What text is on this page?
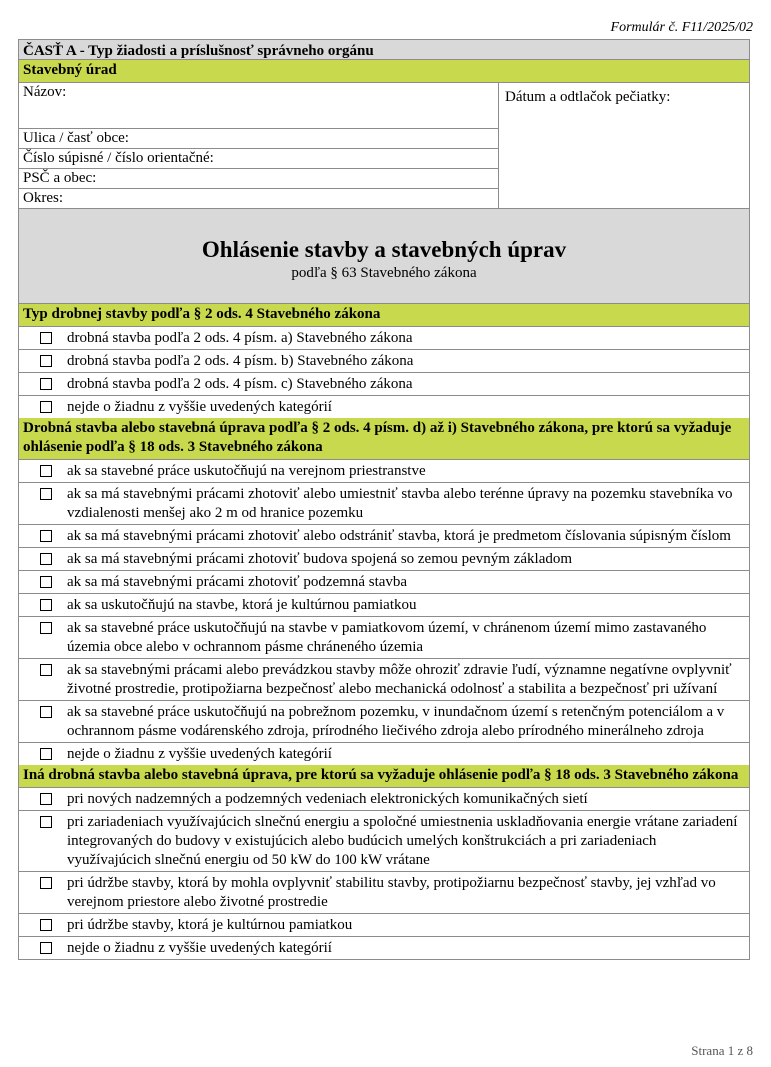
Formulár č. F11/2025/02
ČASŤ A - Typ žiadosti a príslušnosť správneho orgánu
Stavebný úrad
Názov:
Ulica / časť obce:
Číslo súpisné / číslo orientačné:
PSČ a obec:
Okres:
Dátum a odtlačok pečiatky:
Ohlásenie stavby a stavebných úprav
podľa § 63 Stavebného zákona
Typ drobnej stavby podľa § 2 ods. 4 Stavebného zákona
drobná stavba podľa 2 ods. 4 písm. a) Stavebného zákona
drobná stavba podľa 2 ods. 4 písm. b) Stavebného zákona
drobná stavba podľa 2 ods. 4 písm. c) Stavebného zákona
nejde o žiadnu z vyššie uvedených kategórií
Drobná stavba alebo stavebná úprava podľa § 2 ods. 4 písm. d) až i) Stavebného zákona, pre ktorú sa vyžaduje ohlásenie podľa § 18 ods. 3 Stavebného zákona
ak sa stavebné práce uskutočňujú na verejnom priestranstve
ak sa má stavebnými prácami zhotoviť alebo umiestniť stavba alebo terénne úpravy na pozemku stavebníka vo vzdialenosti menšej ako 2 m od hranice pozemku
ak sa má stavebnými prácami zhotoviť alebo odstrániť stavba, ktorá je predmetom číslovania súpisným číslom
ak sa má stavebnými prácami zhotoviť budova spojená so zemou pevným základom
ak sa má stavebnými prácami zhotoviť podzemná stavba
ak sa uskutočňujú na stavbe, ktorá je kultúrnou pamiatkou
ak sa stavebné práce uskutočňujú na stavbe v pamiatkovom území, v chránenom území mimo zastavaného územia obce alebo v ochrannom pásme chráneného územia
ak sa stavebnými prácami alebo prevádzkou stavby môže ohroziť zdravie ľudí, významne negatívne ovplyvniť životné prostredie, protipožiarna bezpečnosť alebo mechanická odolnosť a stabilita a bezpečnosť pri užívaní
ak sa stavebné práce uskutočňujú na pobrežnom pozemku, v inundačnom území s retenčným potenciálom a v ochrannom pásme vodárenského zdroja, prírodného liečivého zdroja alebo prírodného minerálneho zdroja
nejde o žiadnu z vyššie uvedených kategórií
Iná drobná stavba alebo stavebná úprava, pre ktorú sa vyžaduje ohlásenie podľa § 18 ods. 3 Stavebného zákona
pri nových nadzemných a podzemných vedeniach elektronických komunikačných sietí
pri zariadeniach využívajúcich slnečnú energiu a spoločné umiestnenia uskladňovania energie vrátane zariadení integrovaných do budovy v existujúcich alebo budúcich umelých konštrukciách a pri zariadeniach využívajúcich slnečnú energiu od 50 kW do 100 kW vrátane
pri údržbe stavby, ktorá by mohla ovplyvniť stabilitu stavby, protipožiarnu bezpečnosť stavby, jej vzhľad vo verejnom priestore alebo životné prostredie
pri údržbe stavby, ktorá je kultúrnou pamiatkou
nejde o žiadnu z vyššie uvedených kategórií
Strana 1 z 8
